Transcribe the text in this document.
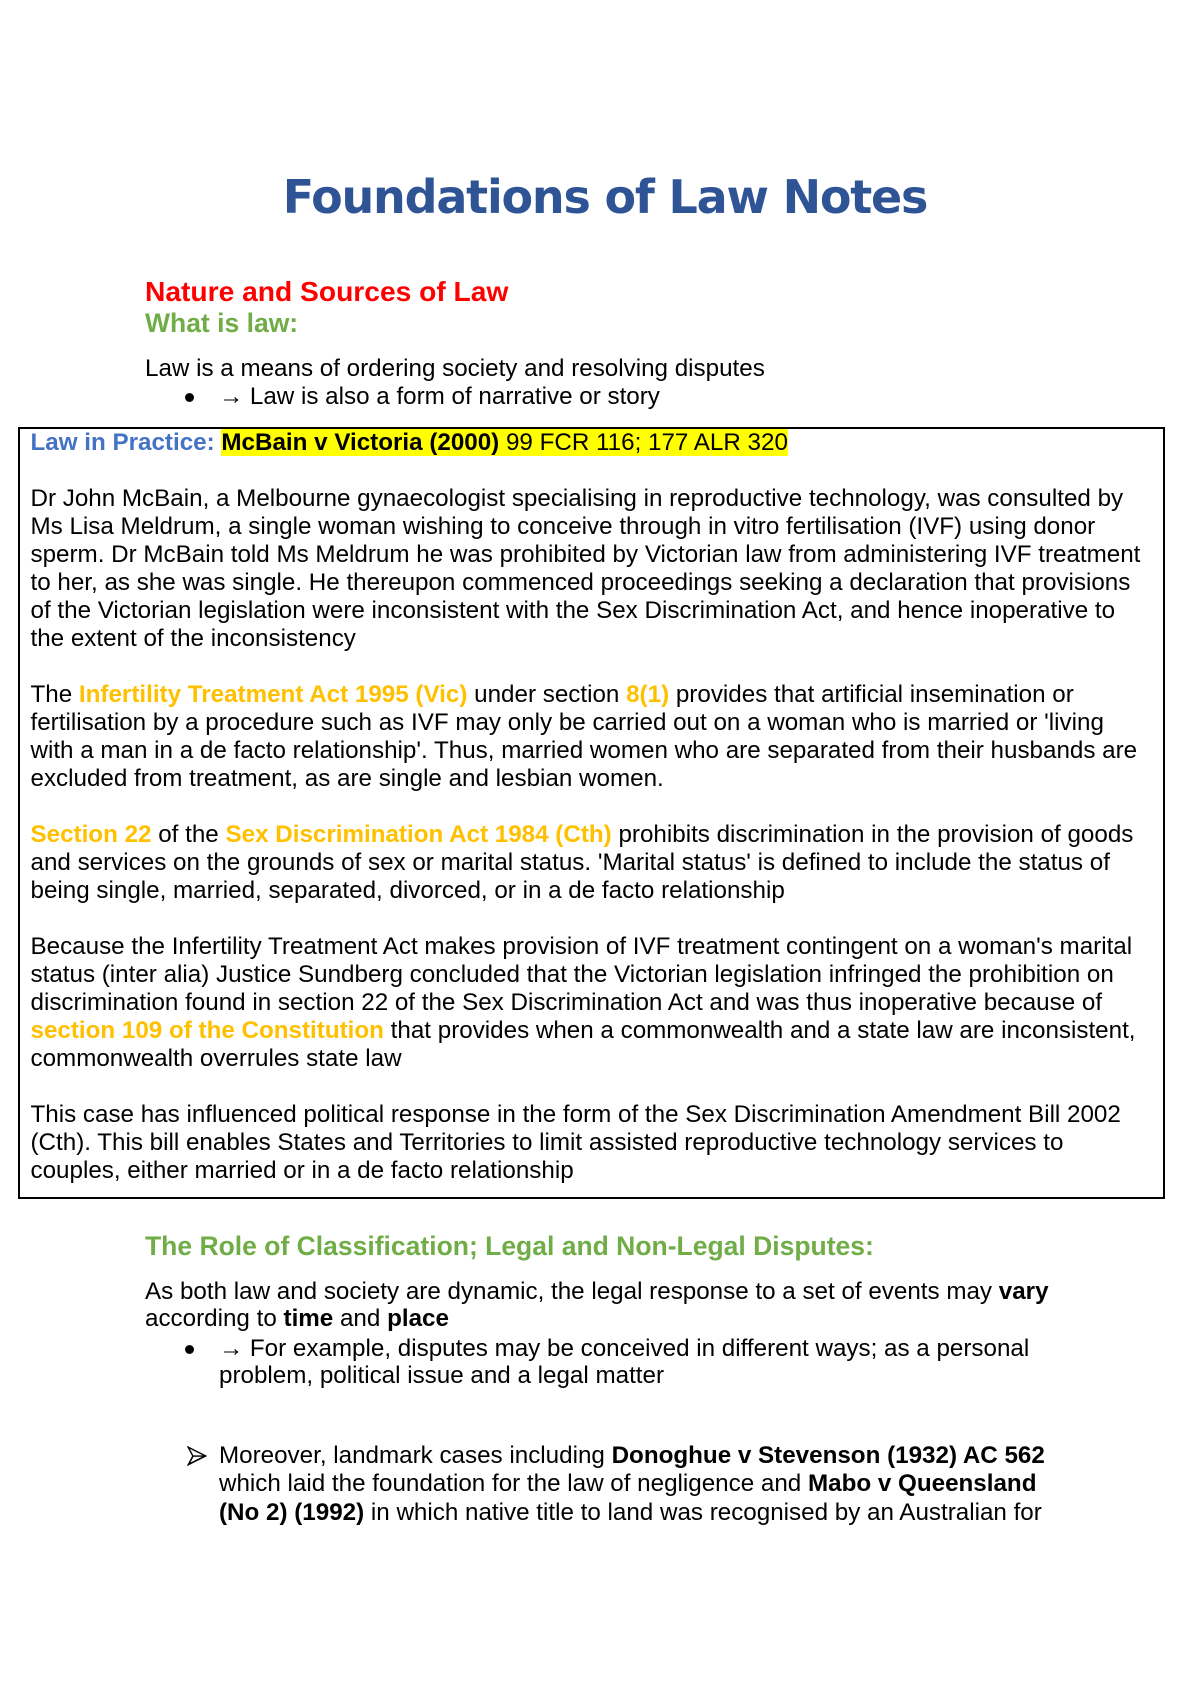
Foundations of Law Notes
Nature and Sources of Law
What is law:
Law is a means of ordering society and resolving disputes
→ Law is also a form of narrative or story
Law in Practice: McBain v Victoria (2000) 99 FCR 116; 177 ALR 320
Dr John McBain, a Melbourne gynaecologist specialising in reproductive technology, was consulted by
Ms Lisa Meldrum, a single woman wishing to conceive through in vitro fertilisation (IVF) using donor
sperm. Dr McBain told Ms Meldrum he was prohibited by Victorian law from administering IVF treatment
to her, as she was single. He thereupon commenced proceedings seeking a declaration that provisions
of the Victorian legislation were inconsistent with the Sex Discrimination Act, and hence inoperative to
the extent of the inconsistency
The Infertility Treatment Act 1995 (Vic) under section 8(1) provides that artificial insemination or
fertilisation by a procedure such as IVF may only be carried out on a woman who is married or 'living
with a man in a de facto relationship'. Thus, married women who are separated from their husbands are
excluded from treatment, as are single and lesbian women.
Section 22 of the Sex Discrimination Act 1984 (Cth) prohibits discrimination in the provision of goods
and services on the grounds of sex or marital status. 'Marital status' is defined to include the status of
being single, married, separated, divorced, or in a de facto relationship
Because the Infertility Treatment Act makes provision of IVF treatment contingent on a woman's marital
status (inter alia) Justice Sundberg concluded that the Victorian legislation infringed the prohibition on
discrimination found in section 22 of the Sex Discrimination Act and was thus inoperative because of
section 109 of the Constitution that provides when a commonwealth and a state law are inconsistent,
commonwealth overrules state law
This case has influenced political response in the form of the Sex Discrimination Amendment Bill 2002
(Cth). This bill enables States and Territories to limit assisted reproductive technology services to
couples, either married or in a de facto relationship
The Role of Classification; Legal and Non-Legal Disputes:
As both law and society are dynamic, the legal response to a set of events may vary
according to time and place
→ For example, disputes may be conceived in different ways; as a personal
problem, political issue and a legal matter
Moreover, landmark cases including Donoghue v Stevenson (1932) AC 562
which laid the foundation for the law of negligence and Mabo v Queensland
(No 2) (1992) in which native title to land was recognised by an Australian for
